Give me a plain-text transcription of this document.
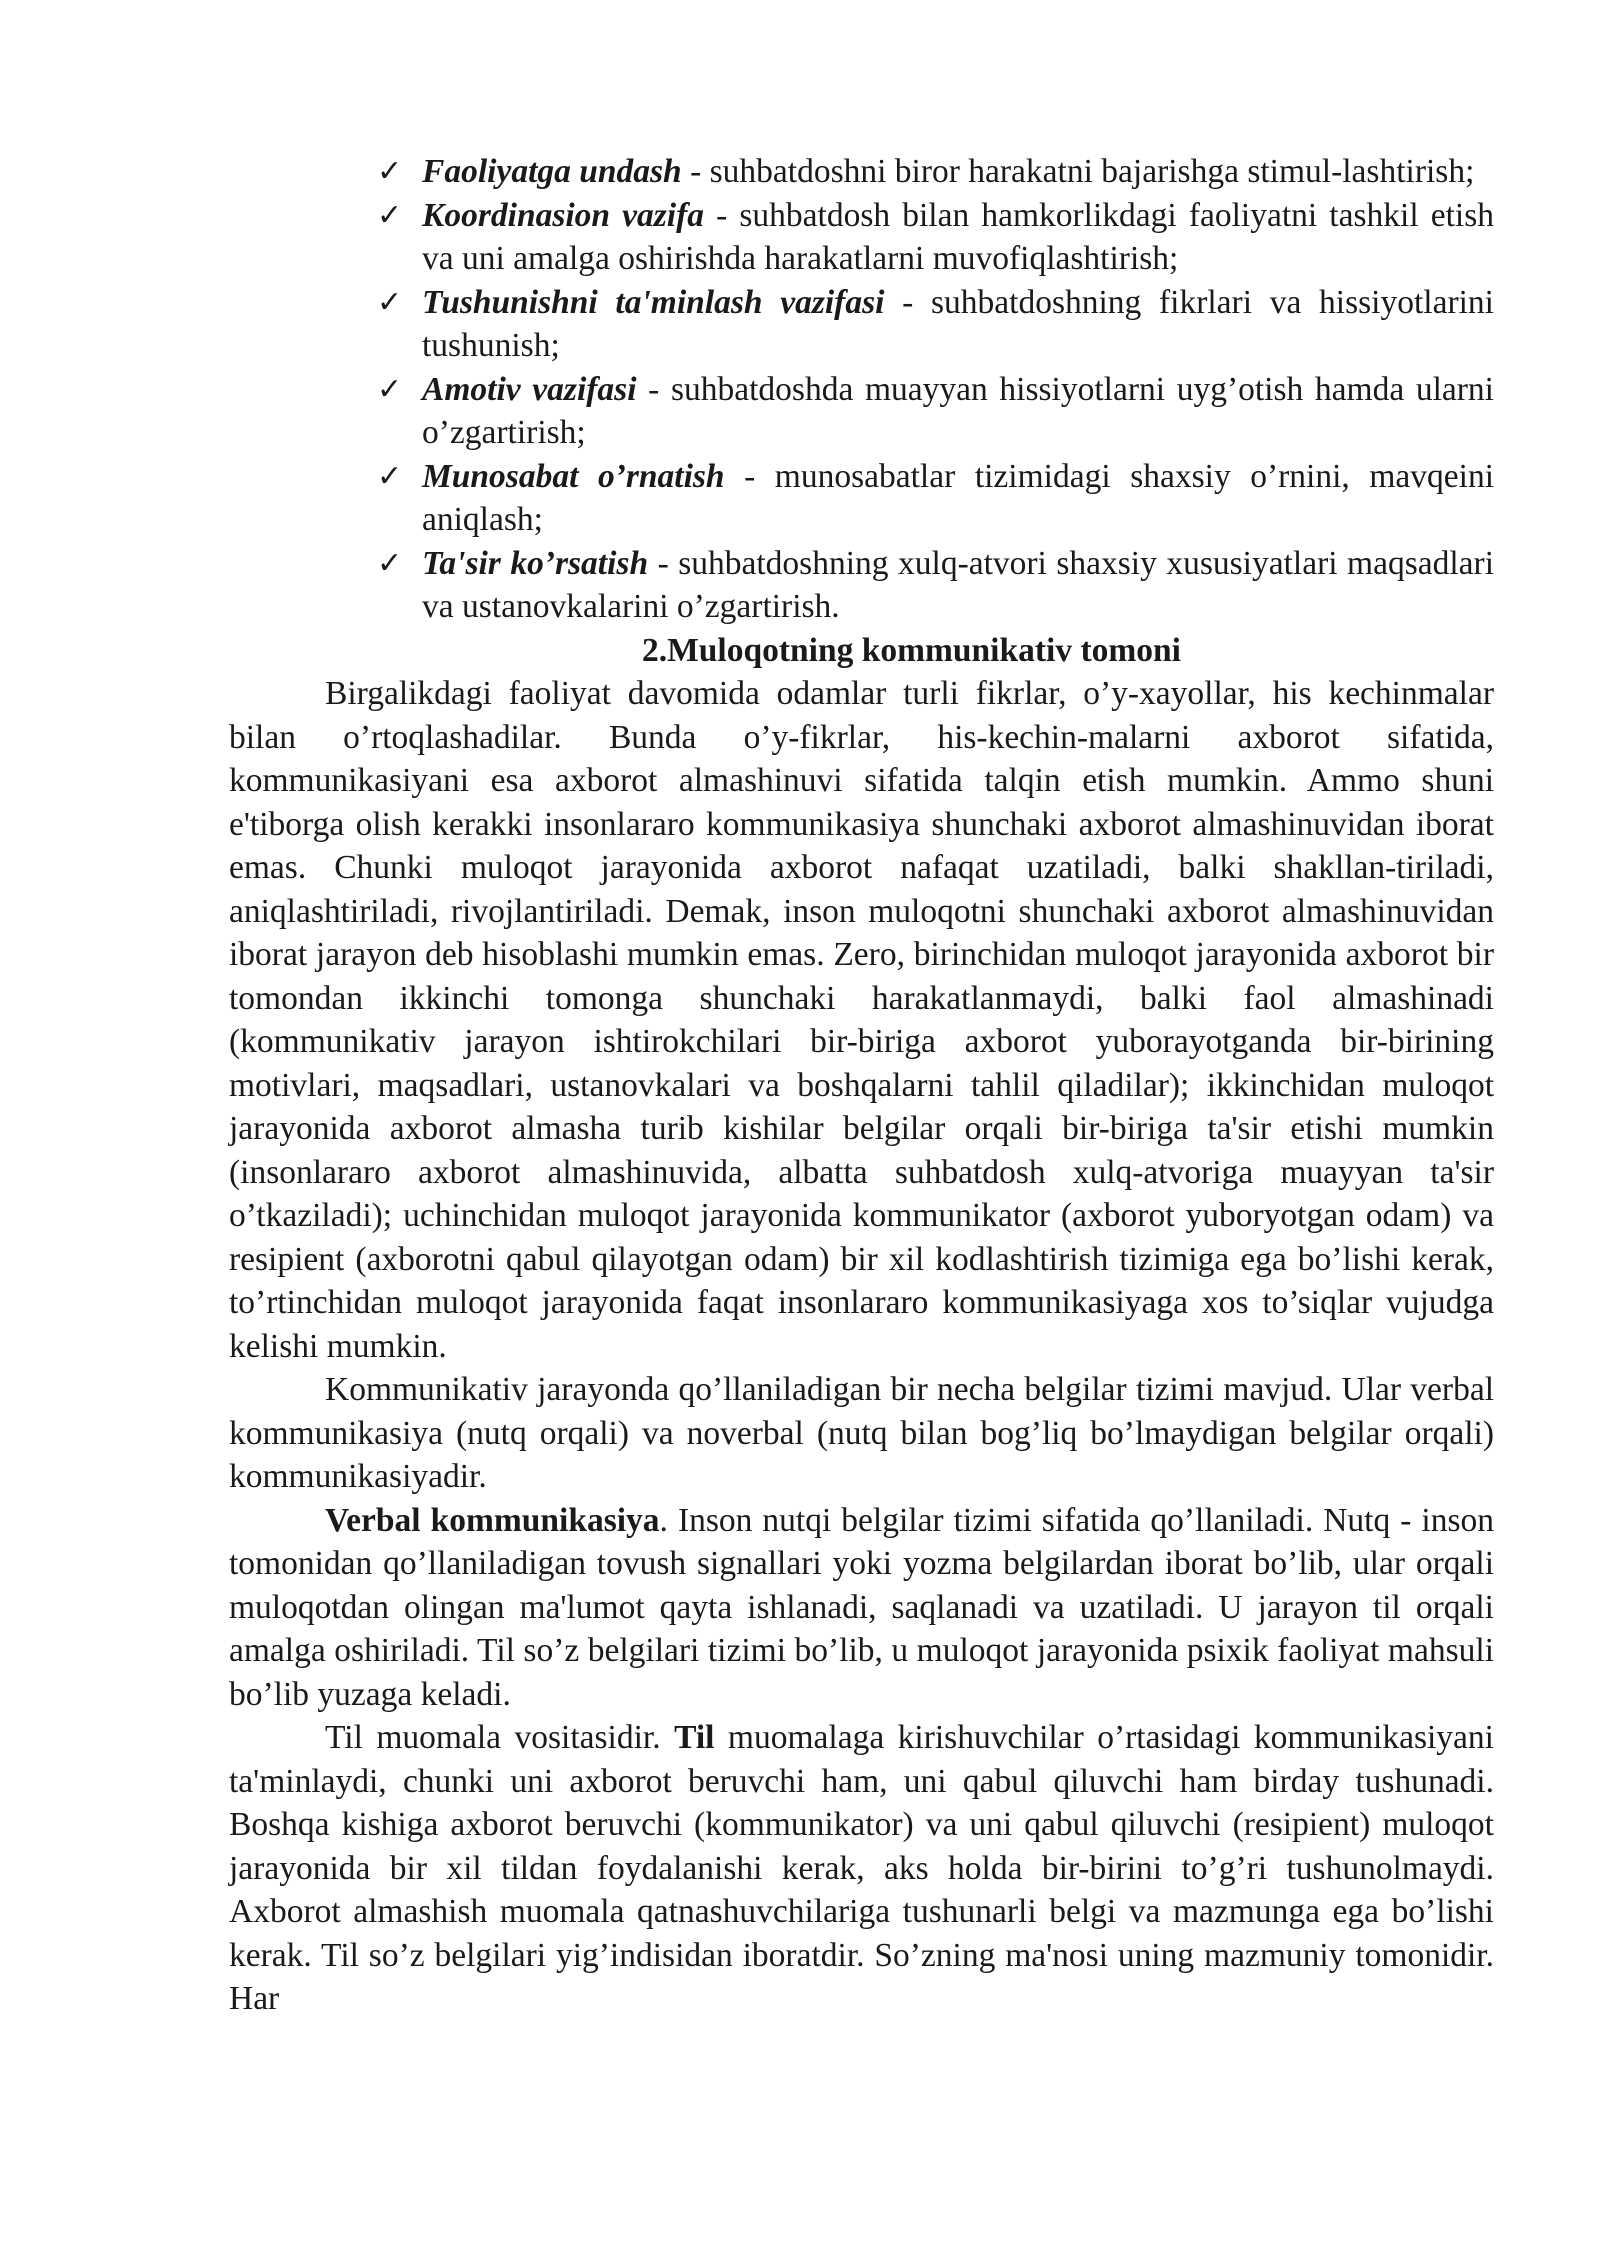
✓ Faoliyatga undash - suhbatdoshni biror harakatni bajarishga stimul-lashtirish;
✓ Koordinasion vazifa - suhbatdosh bilan hamkorlikdagi faoliyatni tashkil etish va uni amalga oshirishda harakatlarni muvofiqlashtirish;
✓ Tushunishni ta'minlash vazifasi - suhbatdoshning fikrlari va hissiyotlarini tushunish;
✓ Amotiv vazifasi - suhbatdoshda muayyan hissiyotlarni uyg’otish hamda ularni o’zgartirish;
✓ Munosabat o’rnatish - munosabatlar tizimidagi shaxsiy o’rnini, mavqeini aniqlash;
✓ Ta'sir ko’rsatish - suhbatdoshning xulq-atvori shaxsiy xususiyatlari maqsadlari va ustanovkalarini o’zgartirish.
2.Muloqotning kommunikativ tomoni

Birgalikdagi faoliyat davomida odamlar turli fikrlar, o’y-xayollar, his kechinmalar bilan o’rtoqlashadilar. Bunda o’y-fikrlar, his-kechin-malarni axborot sifatida, kommunikasiyani esa axborot almashinuvi sifatida talqin etish mumkin. Ammo shuni e'tiborga olish kerakki insonlararo kommunikasiya shunchaki axborot almashinuvidan iborat emas. Chunki muloqot jarayonida axborot nafaqat uzatiladi, balki shakllan-tiriladi, aniqlashtiriladi, rivojlantiriladi. Demak, inson muloqotni shunchaki axborot almashinuvidan iborat jarayon deb hisoblashi mumkin emas. Zero, birinchidan muloqot jarayonida axborot bir tomondan ikkinchi tomonga shunchaki harakatlanmaydi, balki faol almashinadi (kommunikativ jarayon ishtirokchilari bir-biriga axborot yuborayotganda bir-birining motivlari, maqsadlari, ustanovkalari va boshqalarni tahlil qiladilar); ikkinchidan muloqot jarayonida axborot almasha turib kishilar belgilar orqali bir-biriga ta'sir etishi mumkin (insonlararo axborot almashinuvida, albatta suhbatdosh xulq-atvoriga muayyan ta'sir o’tkaziladi); uchinchidan muloqot jarayonida kommunikator (axborot yuboryotgan odam) va resipient (axborotni qabul qilayotgan odam) bir xil kodlashtirish tizimiga ega bo’lishi kerak, to’rtinchidan muloqot jarayonida faqat insonlararo kommunikasiyaga xos to’siqlar vujudga kelishi mumkin.

Kommunikativ jarayonda qo’llaniladigan bir necha belgilar tizimi mavjud. Ular verbal kommunikasiya (nutq orqali) va noverbal (nutq bilan bog’liq bo’lmaydigan belgilar orqali) kommunikasiyadir.

Verbal kommunikasiya. Inson nutqi belgilar tizimi sifatida qo’llaniladi. Nutq - inson tomonidan qo’llaniladigan tovush signallari yoki yozma belgilardan iborat bo’lib, ular orqali muloqotdan olingan ma'lumot qayta ishlanadi, saqlanadi va uzatiladi. U jarayon til orqali amalga oshiriladi. Til so’z belgilari tizimi bo’lib, u muloqot jarayonida psixik faoliyat mahsuli bo’lib yuzaga keladi.

Til muomala vositasidir. Til muomalaga kirishuvchilar o’rtasidagi kommunikasiyani ta'minlaydi, chunki uni axborot beruvchi ham, uni qabul qiluvchi ham birday tushunadi. Boshqa kishiga axborot beruvchi (kommunikator) va uni qabul qiluvchi (resipient) muloqot jarayonida bir xil tildan foydalanishi kerak, aks holda bir-birini to’g’ri tushunolmaydi. Axborot almashish muomala qatnashuvchilariga tushunarli belgi va mazmunga ega bo’lishi kerak. Til so’z belgilari yig’indisidan iboratdir. So’zning ma'nosi uning mazmuniy tomonidir. Har
